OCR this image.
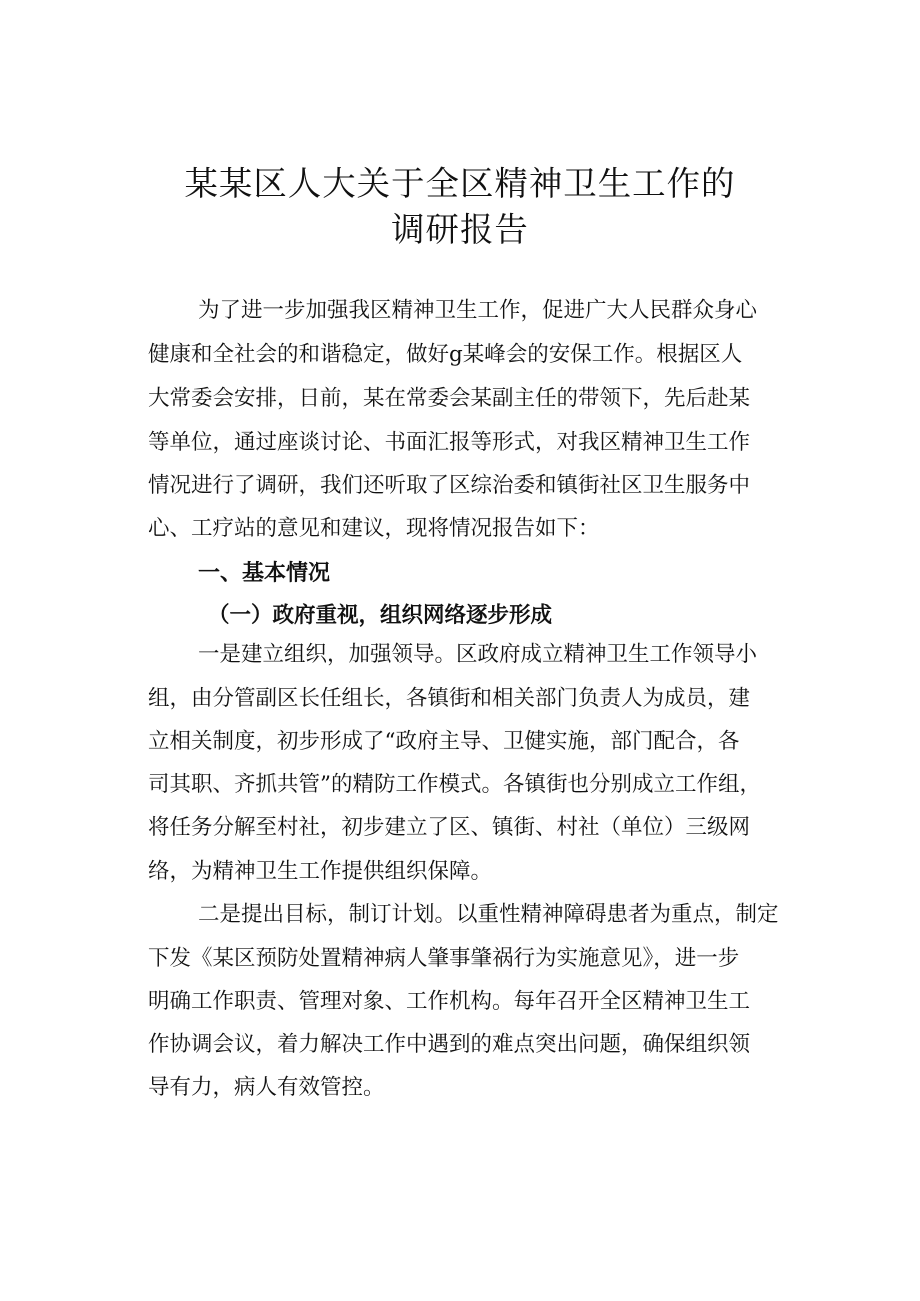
某某区人大关于全区精神卫生工作的
调研报告

为了进一步加强我区精神卫生工作，促进广大人民群众身心

健康和全社会的和谐稳定，做好g某峰会的安保工作。根据区人

大常委会安排，日前，某在常委会某副主任的带领下，先后赴某

等单位，通过座谈讨论、书面汇报等形式，对我区精神卫生工作

情况进行了调研，我们还听取了区综治委和镇街社区卫生服务中

心、工疗站的意见和建议，现将情况报告如下：

一、基本情况
（一）政府重视，组织网络逐步形成

一是建立组织，加强领导。区政府成立精神卫生工作领导小

组，由分管副区长任组长，各镇街和相关部门负责人为成员，建

立相关制度，初步形成了“政府主导、卫健实施，部门配合，各

司其职、齐抓共管”的精防工作模式。各镇街也分别成立工作组，

将任务分解至村社，初步建立了区、镇街、村社（单位）三级网

络，为精神卫生工作提供组织保障。

二是提出目标，制订计划。以重性精神障碍患者为重点，制定

下发《某区预防处置精神病人肇事肇祸行为实施意见》，进一步

明确工作职责、管理对象、工作机构。每年召开全区精神卫生工

作协调会议，着力解决工作中遇到的难点突出问题，确保组织领

导有力，病人有效管控。
